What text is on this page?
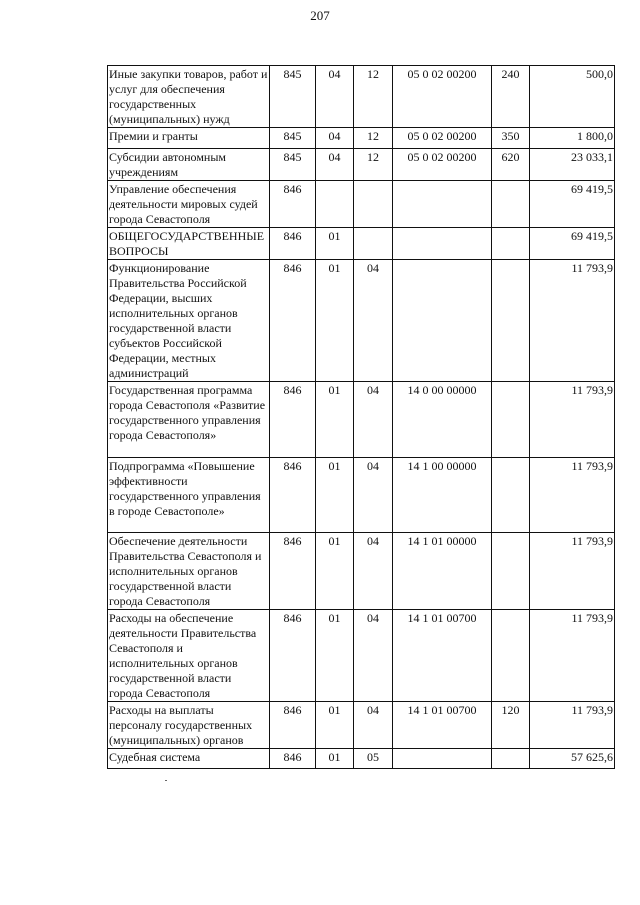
207
Иные закупки товаров, работ и услуг для обеспечения государственных (муниципальных) нужд	845	04	12	05 0 02 00200	240	500,0
Премии и гранты	845	04	12	05 0 02 00200	350	1 800,0
Субсидии автономным учреждениям	845	04	12	05 0 02 00200	620	23 033,1
Управление обеспечения деятельности мировых судей города Севастополя	846					69 419,5
ОБЩЕГОСУДАРСТВЕННЫЕ ВОПРОСЫ	846	01				69 419,5
Функционирование Правительства Российской Федерации, высших исполнительных органов государственной власти субъектов Российской Федерации, местных администраций	846	01	04			11 793,9
Государственная программа города Севастополя «Развитие государственного управления города Севастополя»	846	01	04	14 0 00 00000		11 793,9
Подпрограмма «Повышение эффективности государственного управления в городе Севастополе»	846	01	04	14 1 00 00000		11 793,9
Обеспечение деятельности Правительства Севастополя и исполнительных органов государственной власти города Севастополя	846	01	04	14 1 01 00000		11 793,9
Расходы на обеспечение деятельности Правительства Севастополя и исполнительных органов государственной власти города Севастополя	846	01	04	14 1 01 00700		11 793,9
Расходы на выплаты персоналу государственных (муниципальных) органов	846	01	04	14 1 01 00700	120	11 793,9
Судебная система	846	01	05			57 625,6
